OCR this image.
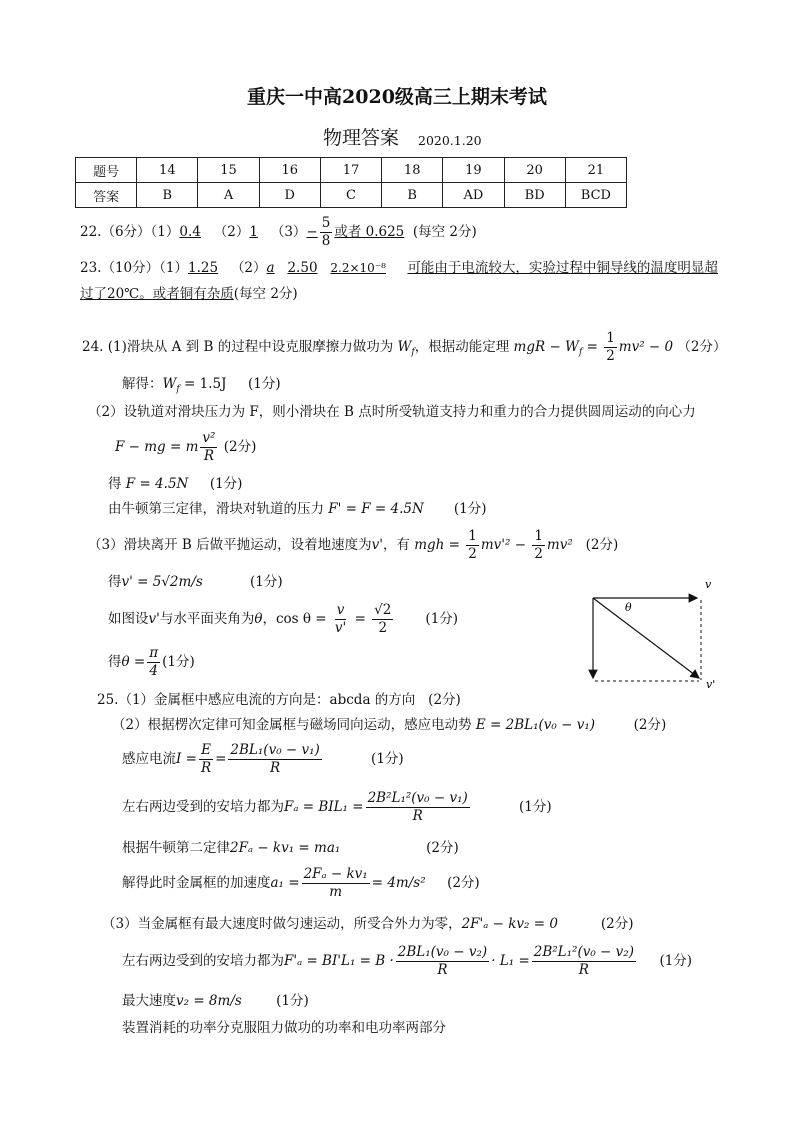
重庆一中高2020级高三上期末考试
物理答案 2020.1.20
题号	14	15	16	17	18	19	20	21
答案	B	A	D	C	B	AD	BD	BCD
22.（6分）（1）0.4 （2）1 $(3)- \frac{5}{8}$ 或者 0.625 (每空 2分)
23.（10分）（1）1.25 （2）a 2.50 2.2×10⁻⁸ 可能由于电流较大，实验过程中铜导线的温度明显超
过了20℃。或者铜有杂质(每空 2分)
24. (1)滑块从 A 到 B 的过程中设克服摩擦力做功为 $W_f$，根据动能定理 mgR − $W_f = \frac{1}{2} mv^2 - 0$ （2分）
解得：$W_f = 1.5J$ (1分)
（2）设轨道对滑块压力为 F，则小滑块在 B 点时所受轨道支持力和重力的合力提供圆周运动的向心力
F − mg = m $\frac{\text{v²}}{R} (2$分)
得 F = 4.5N (1分)
由牛顿第三定律，滑块对轨道的压力 F' = F = 4.5N (1分)
（3）滑块离开 B 后做平抛运动，设着地速度为v'，有 mgh = $\frac{1}{2} mv'^2 - \frac{1}{2} mv^2$ (2分)
得v' = 5√2m/s	(1分)
如图设v'与水平面夹角为θ，$\cos \theta = \frac{v}{v'} = \frac{√2}{2} (1$分)
得$\theta = \frac{\pi}{4} (1$分)
v
θ
v'
25.（1）金属框中感应电流的方向是：abcda 的方向 (2分)
（2）根据楞次定律可知金属框与磁场同向运动，感应电动势 E = 2BL₁(v₀ − v₁)	(2分)
感应电流$I = \frac{E}{R} = \frac{\text{2BL₁(v₀ − v₁)}}{R}$	(1分)
左右两边受到的安培力都为$F_a = BIL_1 = \frac{\text{2B²L₁²(v₀ − v₁)}}{R}$	(1分)
根据牛顿第二定律2Fₐ − kv₁ = ma₁	(2分)
解得此时金属框的加速度$a_1 = \frac{\text{2Fₐ − kv₁}}{m} = 4m/s^2$ (2分)
（3）当金属框有最大速度时做匀速运动，所受合外力为零，2F'ₐ − kv₂ = 0	(2分)
左右两边受到的安培力都为$F'_a = BI'L_1 = B \cdot \frac{\text{2BL₁(v₀ − v₂)}}{R} \cdot L_1 = \frac{\text{2B²L₁²(v₀ − v₂)}}{R} (1$分)
最大速度v₂ = 8m/s	(1分)
装置消耗的功率分克服阻力做功的功率和电功率两部分
